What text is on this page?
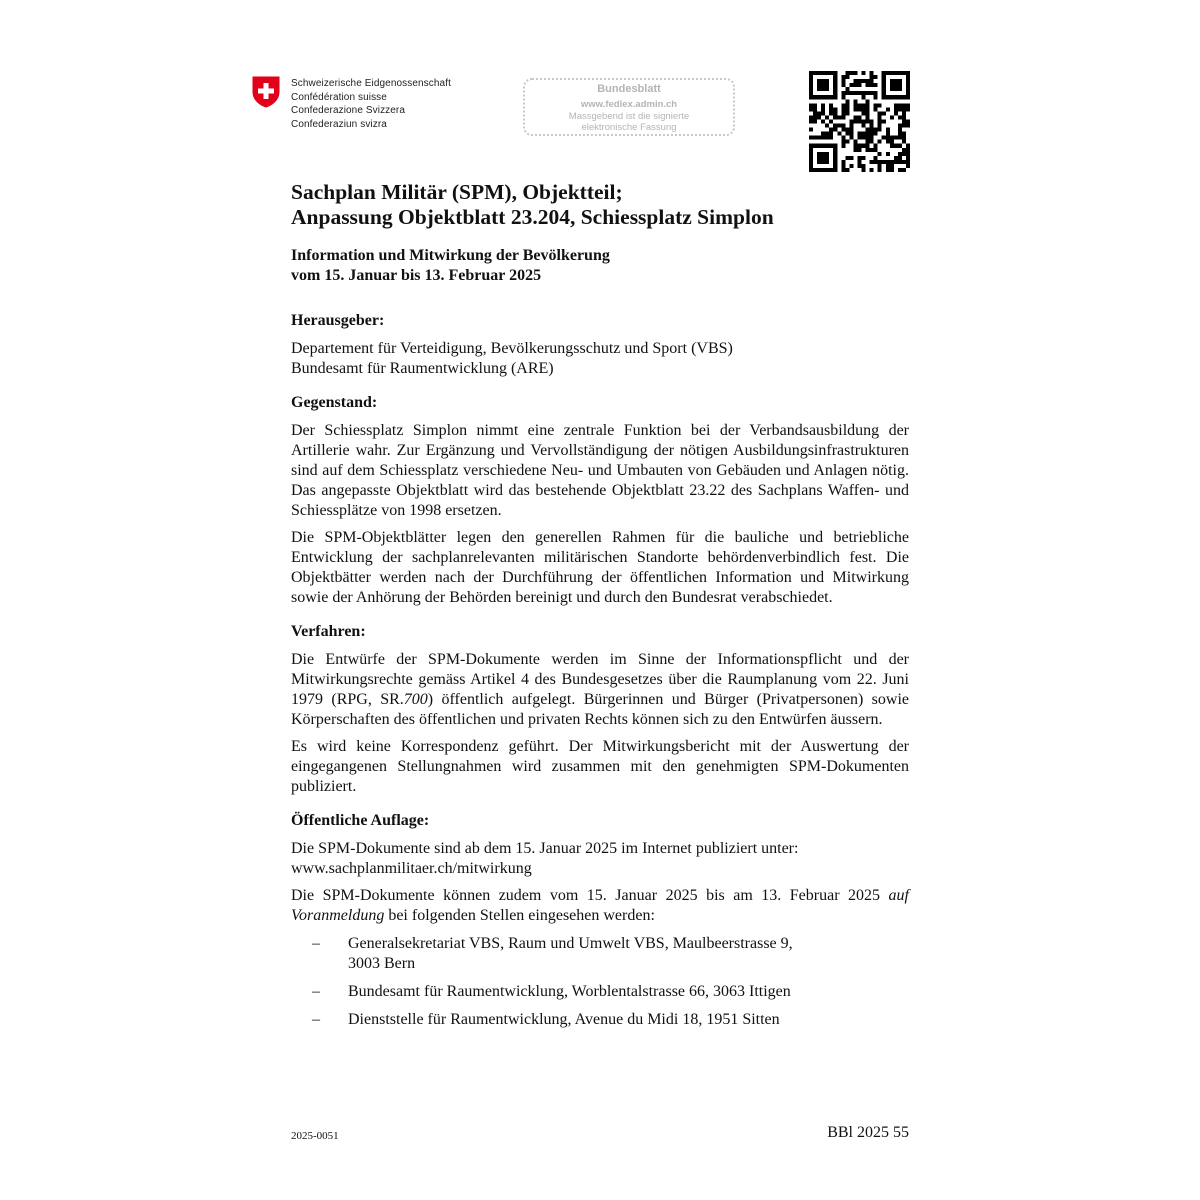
Schweizerische Eidgenossenschaft
Confédération suisse
Confederazione Svizzera
Confederaziun svizra
Bundesblatt
www.fedlex.admin.ch
Massgebend ist die signierte
elektronische Fassung
Sachplan Militär (SPM), Objektteil;
Anpassung Objektblatt 23.204, Schiessplatz Simplon
Information und Mitwirkung der Bevölkerung
vom 15. Januar bis 13. Februar 2025
Herausgeber:
Departement für Verteidigung, Bevölkerungsschutz und Sport (VBS)
Bundesamt für Raumentwicklung (ARE)
Gegenstand:

Der Schiessplatz Simplon nimmt eine zentrale Funktion bei der Verbandsausbildung der Artillerie wahr. Zur Ergänzung und Vervollständigung der nötigen Ausbildungsinfrastrukturen sind auf dem Schiessplatz verschiedene Neu- und Umbauten von Gebäuden und Anlagen nötig. Das angepasste Objektblatt wird das bestehende Objektblatt 23.22 des Sachplans Waffen- und Schiessplätze von 1998 ersetzen.

Die SPM-Objektblätter legen den generellen Rahmen für die bauliche und betriebliche Entwicklung der sachplanrelevanten militärischen Standorte behördenverbindlich fest. Die Objektbätter werden nach der Durchführung der öffentlichen Information und Mitwirkung sowie der Anhörung der Behörden bereinigt und durch den Bundesrat verabschiedet.

Verfahren:

Die Entwürfe der SPM-Dokumente werden im Sinne der Informationspflicht und der Mitwirkungsrechte gemäss Artikel 4 des Bundesgesetzes über die Raumplanung vom 22. Juni 1979 (RPG, SR.700) öffentlich aufgelegt. Bürgerinnen und Bürger (Privatpersonen) sowie Körperschaften des öffentlichen und privaten Rechts können sich zu den Entwürfen äussern.

Es wird keine Korrespondenz geführt. Der Mitwirkungsbericht mit der Auswertung der eingegangenen Stellungnahmen wird zusammen mit den genehmigten SPM-Dokumenten publiziert.

Öffentliche Auflage:
Die SPM-Dokumente sind ab dem 15. Januar 2025 im Internet publiziert unter:
www.sachplanmilitaer.ch/mitwirkung

Die SPM-Dokumente können zudem vom 15. Januar 2025 bis am 13. Februar 2025 auf Voranmeldung bei folgenden Stellen eingesehen werden:

– Generalsekretariat VBS, Raum und Umwelt VBS, Maulbeerstrasse 9,
3003 Bern
– Bundesamt für Raumentwicklung, Worblentalstrasse 66, 3063 Ittigen
– Dienststelle für Raumentwicklung, Avenue du Midi 18, 1951 Sitten
2025-0051	BBl 2025 55
